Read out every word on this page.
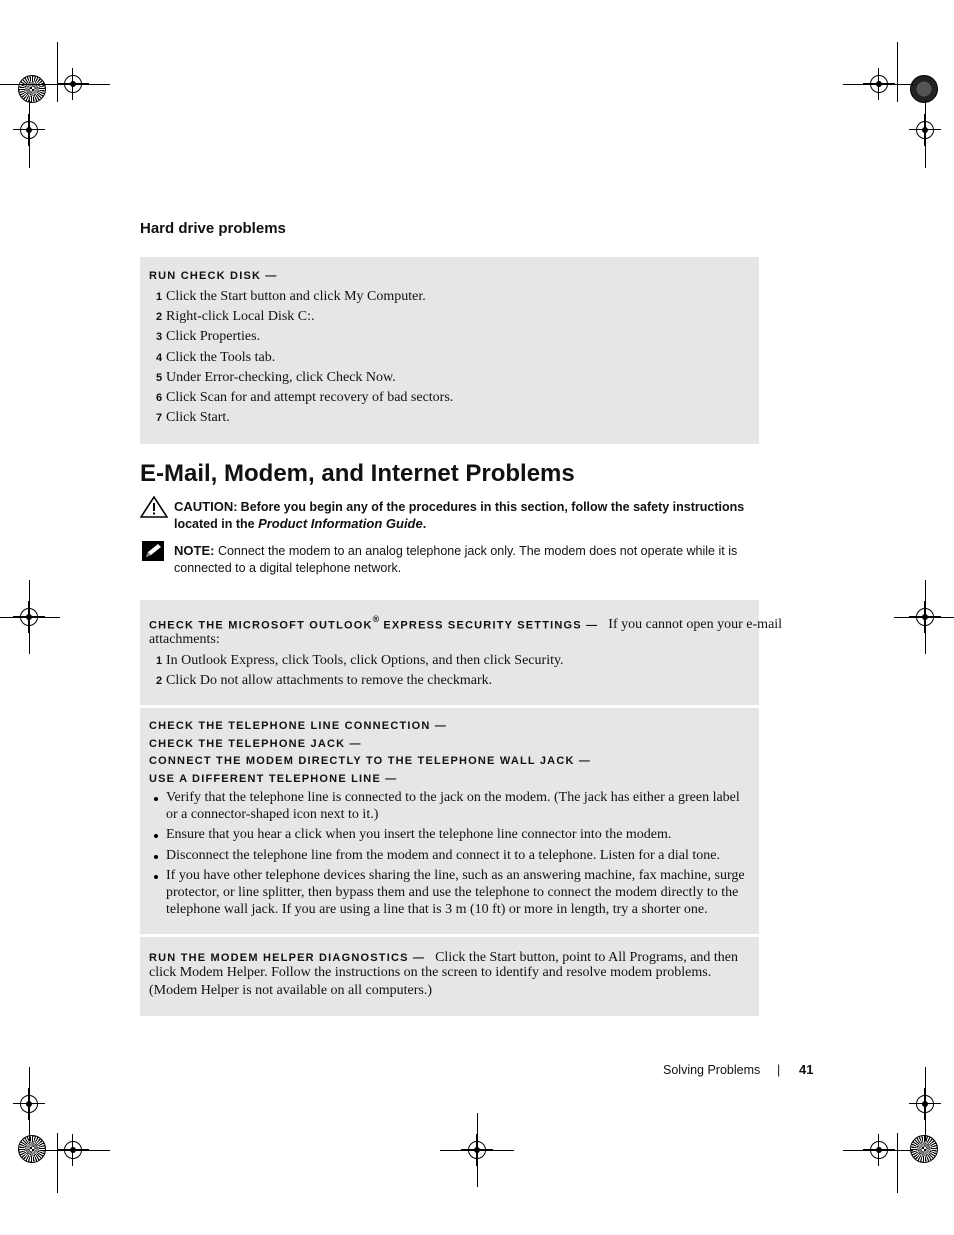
Hard drive problems
RUN CHECK DISK —
1 Click the Start button and click My Computer.
2 Right-click Local Disk C:.
3 Click Properties.
4 Click the Tools tab.
5 Under Error-checking, click Check Now.
6 Click Scan for and attempt recovery of bad sectors.
7 Click Start.
E-Mail, Modem, and Internet Problems
CAUTION: Before you begin any of the procedures in this section, follow the safety instructions
located in the Product Information Guide.
NOTE: Connect the modem to an analog telephone jack only. The modem does not operate while it is
connected to a digital telephone network.
CHECK THE MICROSOFT OUTLOOK® EXPRESS SECURITY SETTINGS — If you cannot open your e-mail
attachments:
1 In Outlook Express, click Tools, click Options, and then click Security.
2 Click Do not allow attachments to remove the checkmark.
CHECK THE TELEPHONE LINE CONNECTION —
CHECK THE TELEPHONE JACK —
CONNECT THE MODEM DIRECTLY TO THE TELEPHONE WALL JACK —
USE A DIFFERENT TELEPHONE LINE —
Verify that the telephone line is connected to the jack on the modem. (The jack has either a green label
or a connector-shaped icon next to it.)
Ensure that you hear a click when you insert the telephone line connector into the modem.
Disconnect the telephone line from the modem and connect it to a telephone. Listen for a dial tone.
If you have other telephone devices sharing the line, such as an answering machine, fax machine, surge
protector, or line splitter, then bypass them and use the telephone to connect the modem directly to the
telephone wall jack. If you are using a line that is 3 m (10 ft) or more in length, try a shorter one.
RUN THE MODEM HELPER DIAGNOSTICS — Click the Start button, point to All Programs, and then
click Modem Helper. Follow the instructions on the screen to identify and resolve modem problems.
(Modem Helper is not available on all computers.)
Solving Problems | 41
